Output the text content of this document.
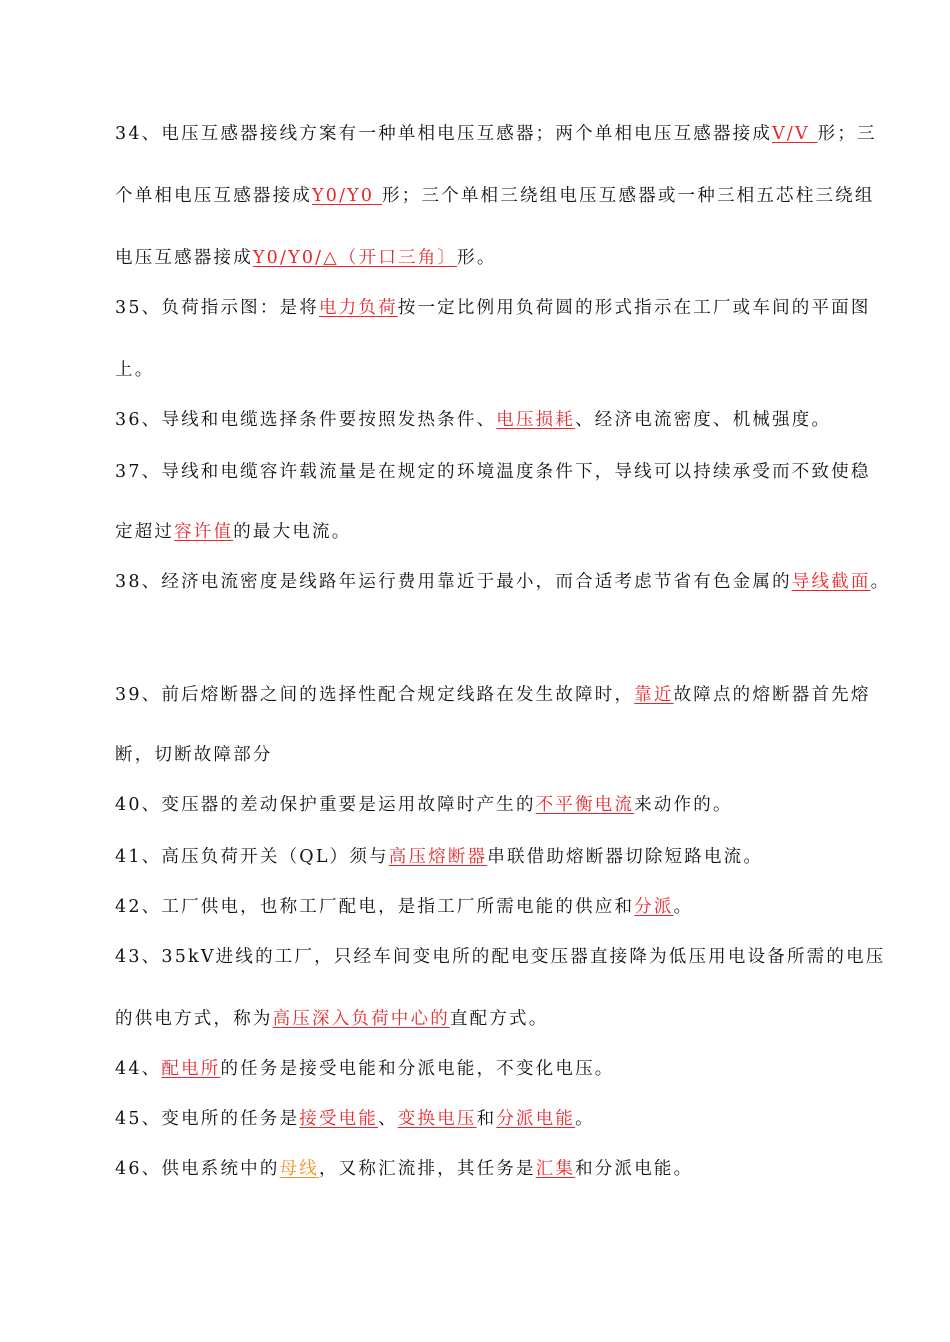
34、电压互感器接线方案有一种单相电压互感器；两个单相电压互感器接成V/V 形；三
个单相电压互感器接成Y0/Y0 形；三个单相三绕组电压互感器或一种三相五芯柱三绕组
电压互感器接成Y0/Y0/△（开口三角〕形。
35、负荷指示图：是将电力负荷按一定比例用负荷圆的形式指示在工厂或车间的平面图
上。
36、导线和电缆选择条件要按照发热条件、电压损耗、经济电流密度、机械强度。
37、导线和电缆容许载流量是在规定的环境温度条件下，导线可以持续承受而不致使稳
定超过容许值的最大电流。
38、经济电流密度是线路年运行费用靠近于最小，而合适考虑节省有色金属的导线截面。
39、前后熔断器之间的选择性配合规定线路在发生故障时，靠近故障点的熔断器首先熔
断，切断故障部分
40、变压器的差动保护重要是运用故障时产生的不平衡电流来动作的。
41、高压负荷开关（QL）须与高压熔断器串联借助熔断器切除短路电流。
42、工厂供电，也称工厂配电，是指工厂所需电能的供应和分派。
43、35kV进线的工厂，只经车间变电所的配电变压器直接降为低压用电设备所需的电压
的供电方式，称为高压深入负荷中心的直配方式。
44、配电所的任务是接受电能和分派电能，不变化电压。
45、变电所的任务是接受电能、变换电压和分派电能。
46、供电系统中的母线，又称汇流排，其任务是汇集和分派电能。
